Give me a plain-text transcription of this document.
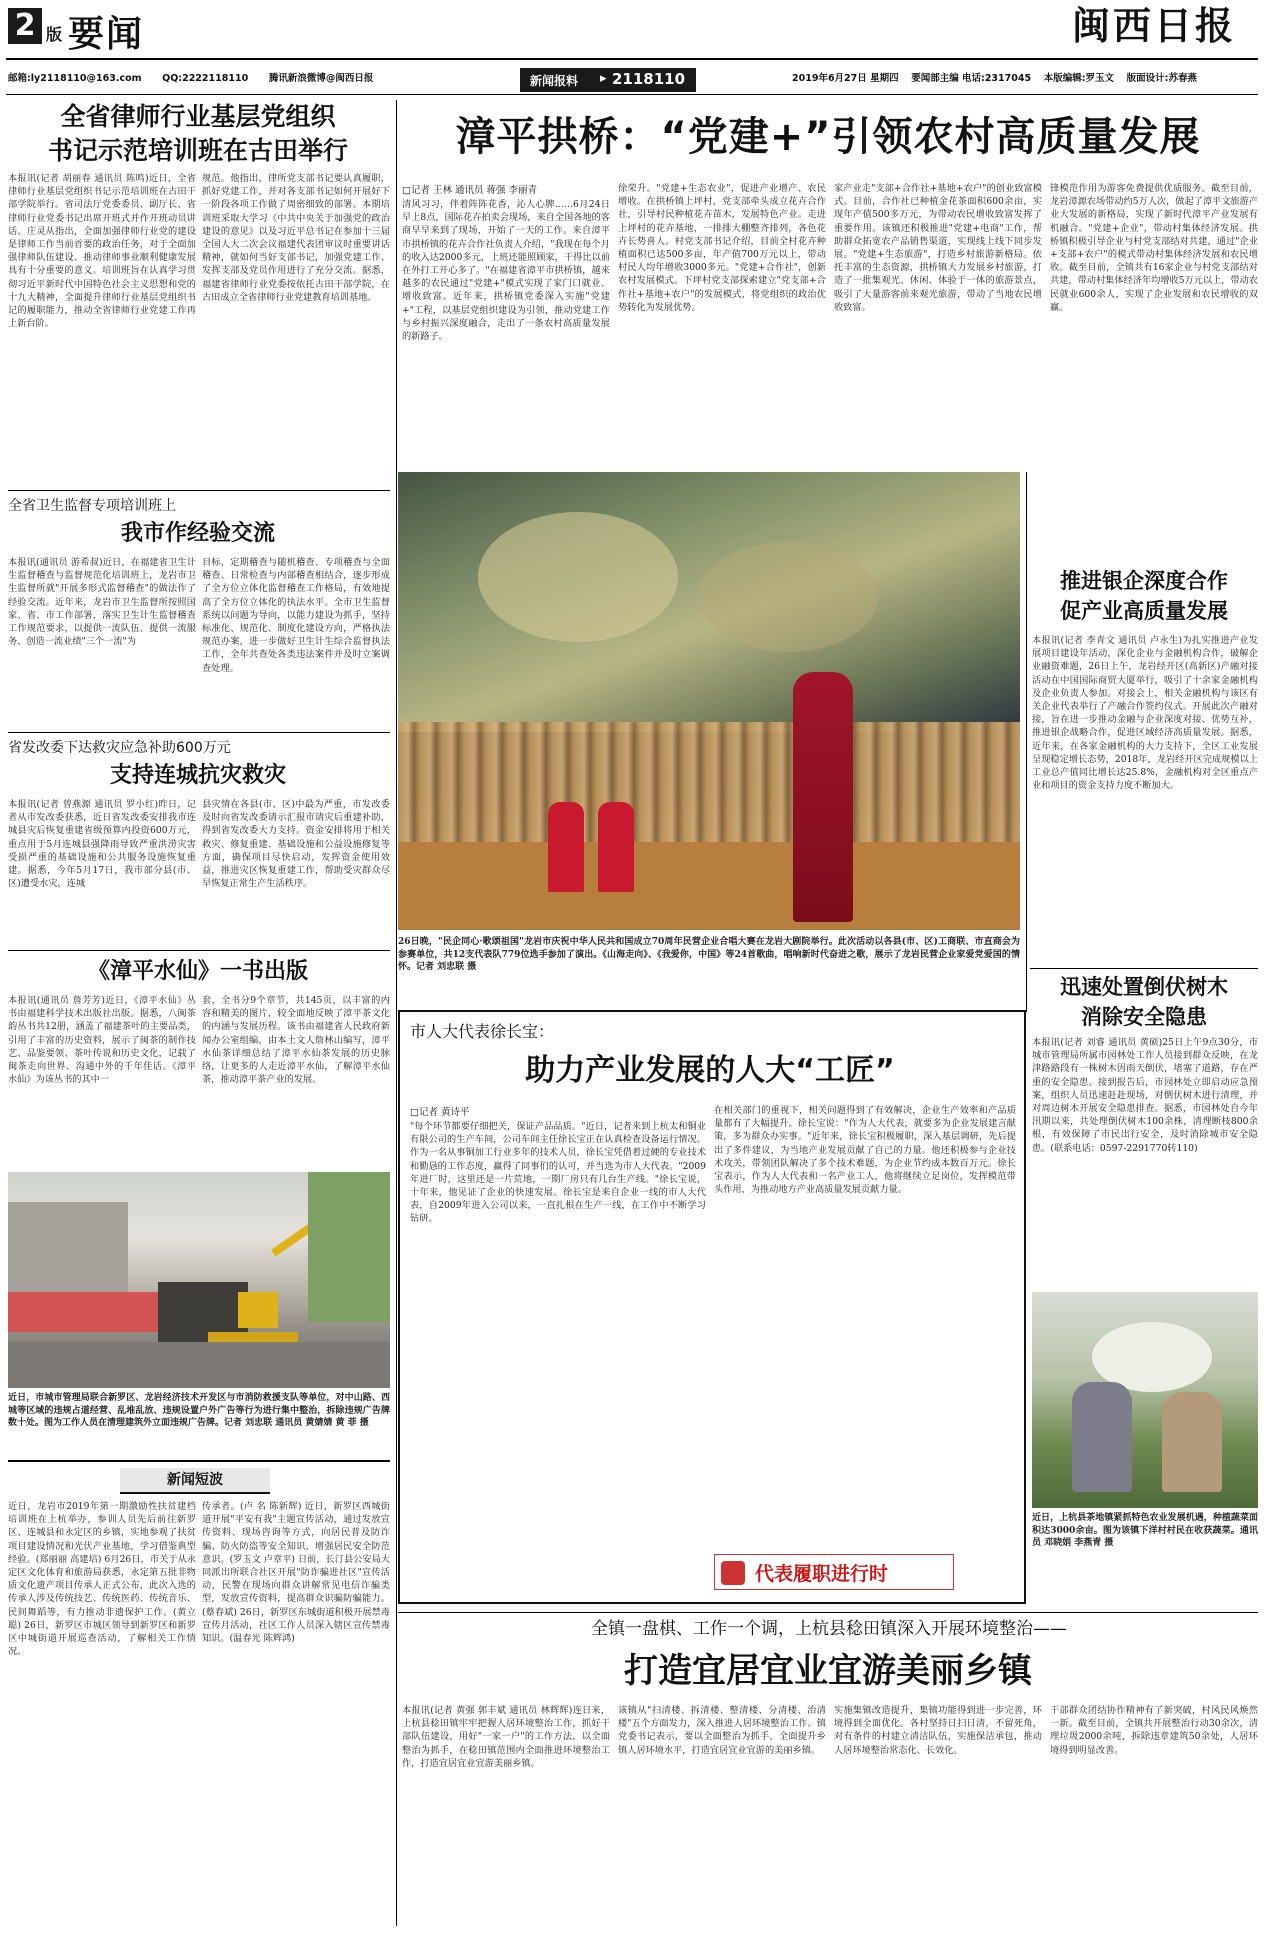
2 版 要闻	闽西日报
邮箱:ly2118110@163.com QQ:2222118110 腾讯新浪微博@闽西日报	新闻报料 ▸ 2118110	2019年6月27日 星期四 要闻部主编 电话:2317045 本版编辑:罗玉文 版面设计:苏春燕
全省律师行业基层党组织
书记示范培训班在古田举行
本报讯(记者 胡丽春 通讯员 陈鸣)近日，全省律师行业基层党组织书记示范培训班在古田干部学院举行。省司法厅党委委员、副厅长、省律师行业党委书记出席开班式并作开班动员讲话。庄灵从指出，全面加强律师行业党的建设是律师工作当前首要的政治任务，对于全面加强律师队伍建设、推动律师事业顺利健康发展具有十分重要的意义。培训班旨在认真学习贯彻习近平新时代中国特色社会主义思想和党的十九大精神，全面提升律师行业基层党组织书记的履职能力，推动全省律师行业党建工作再上新台阶。
规范。他指出，律所党支部书记要认真履职，抓好党建工作，并对各支部书记如何开展好下一阶段各项工作做了周密细致的部署。本期培训班采取大学习《中共中央关于加强党的政治建设的意见》以及习近平总书记在参加十三届全国人大二次会议福建代表团审议时重要讲话精神，就如何当好支部书记，加强党建工作、发挥支部及党员作用进行了充分交流。据悉，福建省律师行业党委按依托古田干部学院，在古田成立全省律师行业党建教育培训基地。
全省卫生监督专项培训班上
我市作经验交流
本报讯(通讯员 游希叔)近日，在福建省卫生计生监督稽查与监督规范化培训班上，龙岩市卫生监督所就"开展多形式监督稽查"的做法作了经验交流。近年来，龙岩市卫生监督所按照国家、省、市工作部署，落实卫生计生监督稽查工作规范要求，以提供一流队伍、提供一流服务、创造一流业绩"三个一流"为
目标，定期稽查与随机稽查、专项稽查与全面稽查、日常检查与内部稽查相结合，逐步形成了全方位立体化监督稽查工作格局，有效地提高了全方位立体化的执法水平。全市卫生监督系统以问题为导向，以能力建设为抓手，坚持标准化、规范化、制度化建设方向，严格执法规范办案，进一步做好卫生计生综合监督执法工作，全年共查处各类违法案件并及时立案调查处理。
省发改委下达救灾应急补助600万元
支持连城抗灾救灾
本报讯(记者 曾燕源 通讯员 罗小红)昨日，记者从市发改委获悉，近日省发改委安排我市连城县灾后恢复重建省级预算内投资600万元，重点用于5月连城县强降雨导致严重洪涝灾害受损严重的基础设施和公共服务设施恢复重建。据悉，今年5月17日，我市部分县(市、区)遭受水灾，连城
县灾情在各县(市、区)中最为严重，市发改委及时向省发改委请示汇报市请灾后重建补助，得到省发改委大力支持。资金安排将用于相关救灾、修复重建、基础设施和公益设施修复等方面，确保项目尽快启动，发挥资金使用效益，推进灾区恢复重建工作，帮助受灾群众尽早恢复正常生产生活秩序。
《漳平水仙》一书出版
本报讯(通讯员 詹芳芳)近日，《漳平水仙》丛书由福建科学技术出版社出版。据悉，八闽茶韵丛书共12册，涵盖了福建茶叶的主要品类，引用了丰富的历史资料，展示了闽茶的制作技艺、品鉴要领、茶叶传说和历史文化，记载了闽茶走向世界、沟通中外的千年佳话。《漳平水仙》为该丛书的其中一
套，全书分9个章节，共145页，以丰富的内容和精美的图片，较全面地反映了漳平茶文化的内涵与发展历程。该书由福建省人民政府新闻办公室组编，由本土文人詹林山编写，漳平水仙茶详细总结了漳平水仙茶发展的历史脉络，让更多的人走近漳平水仙，了解漳平水仙茶，推动漳平茶产业的发展。
近日，市城市管理局联合新罗区、龙岩经济技术开发区与市消防救援支队等单位，对中山路、西城等区域的违规占道经营、乱堆乱放、违规设置户外广告等行为进行集中整治，拆除违规广告牌数十处。图为工作人员在清理建筑外立面违规广告牌。记者 刘忠联 通讯员 黄婧婧 黄 菲 摄
新闻短波
近日，龙岩市2019年第一期激励性扶贫建档培训班在上杭举办，参训人员先后前往新罗区、连城县和永定区的乡镇，实地参观了扶贫项目建设情况和光伏产业基地，学习借鉴典型经验。(郑丽丽 高建培) 6月26日，市关于从永定区文化体育和旅游局获悉，永定第五批非物质文化遗产项目传承人正式公布，此次入选的传承人涉及传统技艺、传统医药、传统音乐、民间舞蹈等，有力推动非遗保护工作。(黄立聪) 26日，新罗区市城区领导到新罗区和新罗区中城街道开展巡查活动，了解相关工作情况。
传承者。(卢 名 陈新辉) 近日，新罗区西城街道开展"平安有我"主题宣传活动，通过发放宣传资料、现场咨询等方式，向居民普及防诈骗、防火防盗等安全知识，增强居民安全防范意识。(罗玉文 卢章平) 日前，长汀县公安局大同派出所联合社区开展"防诈骗进社区"宣传活动，民警在现场向群众讲解常见电信诈骗类型，发放宣传资料，提高群众识骗防骗能力。(蔡春斌) 26日，新罗区东城街道积极开展禁毒宣传月活动，社区工作人员深入辖区宣传禁毒知识。(温春光 陈辉鸿)
漳平拱桥：“党建+”引领农村高质量发展
□记者 王林 通讯员 蒋强 李丽青
清风习习，伴着阵阵花香，沁人心脾……6月24日早上8点，国际花卉拍卖会现场，来自全国各地的客商早早来到了现场，开始了一天的工作。来自漳平市拱桥镇的花卉合作社负责人介绍，"我现在每个月的收入达2000多元，上班还能照顾家，干得比以前在外打工开心多了。"在福建省漳平市拱桥镇，越来越多的农民通过"党建+"模式实现了家门口就业、增收致富。近年来，拱桥镇党委深入实施"党建+"工程，以基层党组织建设为引领，推动党建工作与乡村振兴深度融合，走出了一条农村高质量发展的新路子。
徐荣升。"党建+生态农业"，促进产业增产、农民增收。在拱桥镇上坪村，党支部牵头成立花卉合作社，引导村民种植花卉苗木，发展特色产业。走进上坪村的花卉基地，一排排大棚整齐排列，各色花卉长势喜人。村党支部书记介绍，目前全村花卉种植面积已达500多亩，年产值700万元以上，带动村民人均年增收3000多元。"党建+合作社"，创新农村发展模式。下坪村党支部探索建立"党支部+合作社+基地+农户"的发展模式，将党组织的政治优势转化为发展优势。
家产业走"支部+合作社+基地+农户"的创业致富模式。目前，合作社已种植金花茶面积600余亩，实现年产值500多万元，为带动农民增收致富发挥了重要作用。该镇还积极推进"党建+电商"工作，帮助群众拓宽农产品销售渠道，实现线上线下同步发展。"党建+生态旅游"，打造乡村旅游新格局。依托丰富的生态资源，拱桥镇大力发展乡村旅游，打造了一批集观光、休闲、体验于一体的旅游景点，吸引了大量游客前来观光旅游，带动了当地农民增收致富。
锋模范作用为游客免费提供优质服务。截至目前，龙岩漳源农场带动约5万人次，做起了漳平文旅游产业大发展的新格局，实现了新时代漳平产业发展有机融合。"党建+企业"，带动村集体经济发展。拱桥镇积极引导企业与村党支部结对共建，通过"企业+支部+农户"的模式带动村集体经济发展和农民增收。截至目前，全镇共有16家企业与村党支部结对共建，带动村集体经济年均增收5万元以上，带动农民就业600余人，实现了企业发展和农民增收的双赢。
26日晚，"民企同心·歌颂祖国"龙岩市庆祝中华人民共和国成立70周年民营企业合唱大赛在龙岩大剧院举行。此次活动以各县(市、区)工商联、市直商会为参赛单位，共12支代表队779位选手参加了演出。《山海走向》、《我爱你，中国》等24首歌曲，唱响新时代奋进之歌，展示了龙岩民营企业家爱党爱国的情怀。记者 刘忠联 摄
推进银企深度合作
促产业高质量发展
本报讯(记者 李青文 通讯员 卢永生)为扎实推进产业发展项目建设年活动，深化企业与金融机构合作，破解企业融资难题，26日上午，龙岩经开区(高新区)产融对接活动在中国国际商贸大厦举行，吸引了十余家金融机构及企业负责人参加。对接会上，相关金融机构与该区有关企业代表举行了产融合作签约仪式。开展此次产融对接，旨在进一步推动金融与企业深度对接、优势互补，推进银企战略合作，促进区域经济高质量发展。据悉，近年来，在各家金融机构的大力支持下，全区工业发展呈现稳定增长态势，2018年，龙岩经开区完成规模以上工业总产值同比增长达25.8%，金融机构对全区重点产业和项目的资金支持力度不断加大。
迅速处置倒伏树木
消除安全隐患
本报讯(记者 刘睿 通讯员 黄硕)25日上午9点30分，市城市管理局所属市园林处工作人员接到群众反映，在龙津路路段有一株树木因雨天倒伏，堵塞了道路，存在严重的安全隐患。接到报告后，市园林处立即启动应急预案，组织人员迅速赶赴现场，对倒伏树木进行清理，并对周边树木开展安全隐患排查。据悉，市园林处自今年汛期以来，共处理倒伏树木100余株，清理断枝800余根，有效保障了市民出行安全，及时消除城市安全隐患。(联系电话：0597-2291770转110)
近日，上杭县茶地镇紧抓特色农业发展机遇，种植蔬菜面积达3000余亩。图为该镇下洋村村民在收获蔬菜。通讯员 邓晓娟 李燕青 摄
市人大代表徐长宝：
助力产业发展的人大“工匠”
□记者 黄诗平
"每个环节都要仔细把关，保证产品品质。"近日，记者来到上杭太和铜业有限公司的生产车间，公司车间主任徐长宝正在认真检查设备运行情况。作为一名从事铜加工行业多年的技术人员，徐长宝凭借着过硬的专业技术和勤恳的工作态度，赢得了同事们的认可，并当选为市人大代表。"2009年进厂时，这里还是一片荒地，一期厂房只有几台生产线。"徐长宝说，十年来，他见证了企业的快速发展。徐长宝是来自企业一线的市人大代表，自2009年进入公司以来，一直扎根在生产一线，在工作中不断学习钻研。
在相关部门的重视下，相关问题得到了有效解决，企业生产效率和产品质量都有了大幅提升。徐长宝说："作为人大代表，就要多为企业发展建言献策，多为群众办实事。"近年来，徐长宝积极履职，深入基层调研，先后提出了多件建议，为当地产业发展贡献了自己的力量。他还积极参与企业技术攻关，带领团队解决了多个技术难题，为企业节约成本数百万元。徐长宝表示，作为人大代表和一名产业工人，他将继续立足岗位，发挥模范带头作用，为推动地方产业高质量发展贡献力量。
代表履职进行时
全镇一盘棋、工作一个调，上杭县稔田镇深入开展环境整治——
打造宜居宜业宜游美丽乡镇
本报讯(记者 黄强 郭丰斌 通讯员 林辉辉)连日来，上杭县稔田镇牢牢把握人居环境整治工作，抓好干部队伍建设，用好"一家一户"的工作方法，以全面整治为抓手，在稔田镇范围内全面推进环境整治工作，打造宜居宜业宜游美丽乡镇。
该镇从"扫清楼、拆清楼、整清楼、分清楼、治清楼"五个方面发力，深入推进人居环境整治工作。镇党委书记表示，要以全面整治为抓手，全面提升乡镇人居环境水平，打造宜居宜业宜游的美丽乡镇。
实施集镇改造提升，集镇功能得到进一步完善，环境得到全面优化。各村坚持日扫日清，不留死角，对有条件的村建立清洁队伍，实施保洁承包，推动人居环境整治常态化、长效化。
干部群众团结协作精神有了新突破，村风民风焕然一新。截至目前，全镇共开展整治行动30余次，清理垃圾2000余吨，拆除违章建筑50余处，人居环境得到明显改善。
